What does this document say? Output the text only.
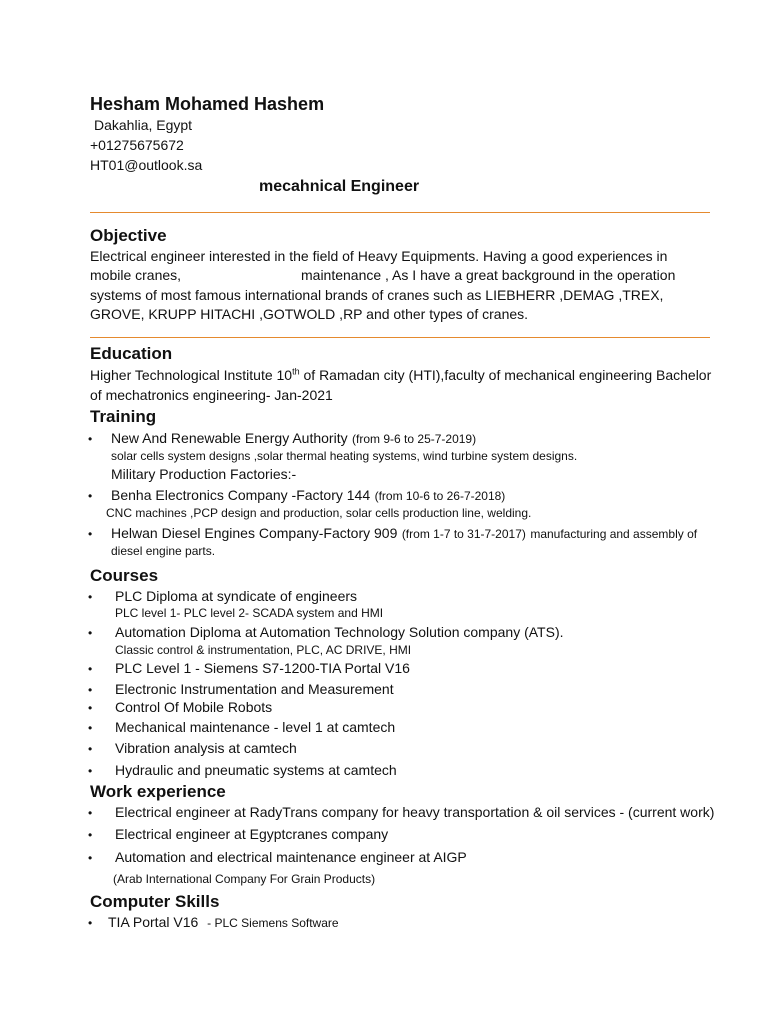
Hesham Mohamed Hashem
Dakahlia, Egypt
+01275675672
HT01@outlook.sa
mecahnical Engineer
Objective
Electrical engineer interested in the field of Heavy Equipments. Having a good experiences in
mobile cranes,	maintenance , As I have a great background in the operation
systems of most famous international brands of cranes such as LIEBHERR ,DEMAG ,TREX,
GROVE, KRUPP HITACHI ,GOTWOLD ,RP and other types of cranes.
Education
Higher Technological Institute 10th of Ramadan city (HTI),faculty of mechanical engineering Bachelor
of mechatronics engineering- Jan-2021
Training
• New And Renewable Energy Authority (from 9-6 to 25-7-2019)
solar cells system designs ,solar thermal heating systems, wind turbine system designs.
Military Production Factories:-
• Benha Electronics Company -Factory 144 (from 10-6 to 26-7-2018)
CNC machines ,PCP design and production, solar cells production line, welding.
• Helwan Diesel Engines Company-Factory 909 (from 1-7 to 31-7-2017) manufacturing and assembly of
diesel engine parts.
Courses
• PLC Diploma at syndicate of engineers
PLC level 1- PLC level 2- SCADA system and HMI
• Automation Diploma at Automation Technology Solution company (ATS).
Classic control & instrumentation, PLC, AC DRIVE, HMI
• PLC Level 1 - Siemens S7-1200-TIA Portal V16
• Electronic Instrumentation and Measurement
• Control Of Mobile Robots
• Mechanical maintenance - level 1 at camtech
• Vibration analysis at camtech
• Hydraulic and pneumatic systems at camtech
Work experience
• Electrical engineer at RadyTrans company for heavy transportation & oil services - (current work)
• Electrical engineer at Egyptcranes company
• Automation and electrical maintenance engineer at AIGP
(Arab International Company For Grain Products)
Computer Skills
• TIA Portal V16 - PLC Siemens Software
